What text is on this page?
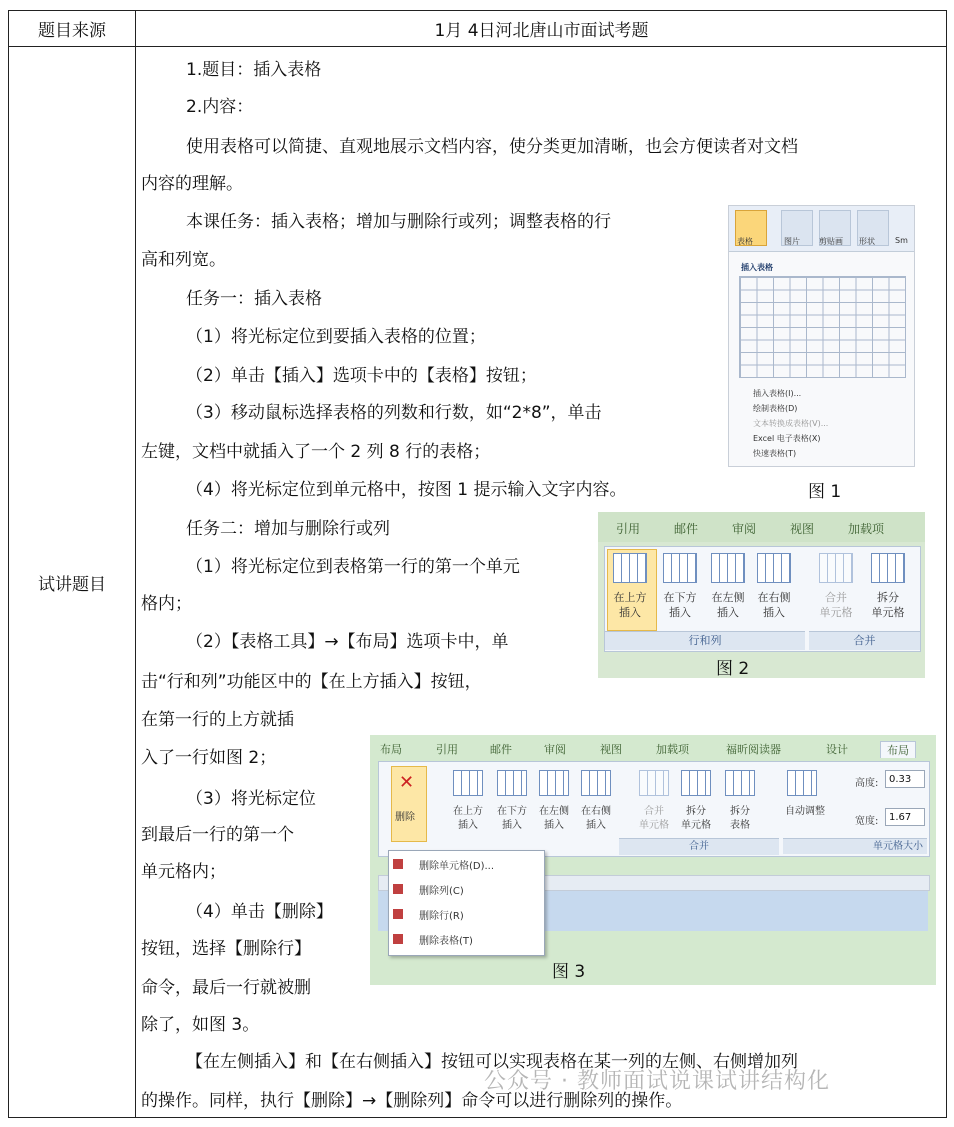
题目来源	1月 4日河北唐山市面试考题
试讲题目
1.题目：插入表格
2.内容：
使用表格可以简捷、直观地展示文档内容，使分类更加清晰，也会方便读者对文档
内容的理解。
本课任务：插入表格；增加与删除行或列；调整表格的行
高和列宽。
任务一：插入表格
（1）将光标定位到要插入表格的位置；
（2）单击【插入】选项卡中的【表格】按钮；
（3）移动鼠标选择表格的列数和行数，如“2*8”，单击
左键，文档中就插入了一个 2 列 8 行的表格；
（4）将光标定位到单元格中，按图 1 提示输入文字内容。
任务二：增加与删除行或列
（1）将光标定位到表格第一行的第一个单元
格内；
（2）【表格工具】→【布局】选项卡中，单
击“行和列”功能区中的【在上方插入】按钮，
在第一行的上方就插
入了一行如图 2；
（3）将光标定位
到最后一行的第一个
单元格内；
（4）单击【删除】
按钮，选择【删除行】
命令，最后一行就被删
除了，如图 3。
【在左侧插入】和【在右侧插入】按钮可以实现表格在某一列的左侧、右侧增加列
的操作。同样，执行【删除】→【删除列】命令可以进行删除列的操作。
表格	图片 剪贴画 形状	Sm
插入表格
插入表格(I)...
绘制表格(D)
文本转换成表格(V)...
Excel 电子表格(X)
快速表格(T)
图 1
引用	邮件	审阅	视图	加载项
在上方
插入
在下方
插入
在左侧
插入
在右侧
插入
合并
单元格
拆分
单元格
行和列	合并
图 2
布局	引用	邮件	审阅	视图	加载项	福昕阅读器	设计	布局
✕
删除
在上方
插入
在下方
插入
在左侧
插入
在右侧
插入
合并
单元格
拆分
单元格
拆分
表格
自动调整
高度:	0.33
宽度:	1.67
合并	单元格大小
删除单元格(D)...
删除列(C)
删除行(R)
删除表格(T)
图 3
公众号 · 教师面试说课试讲结构化
